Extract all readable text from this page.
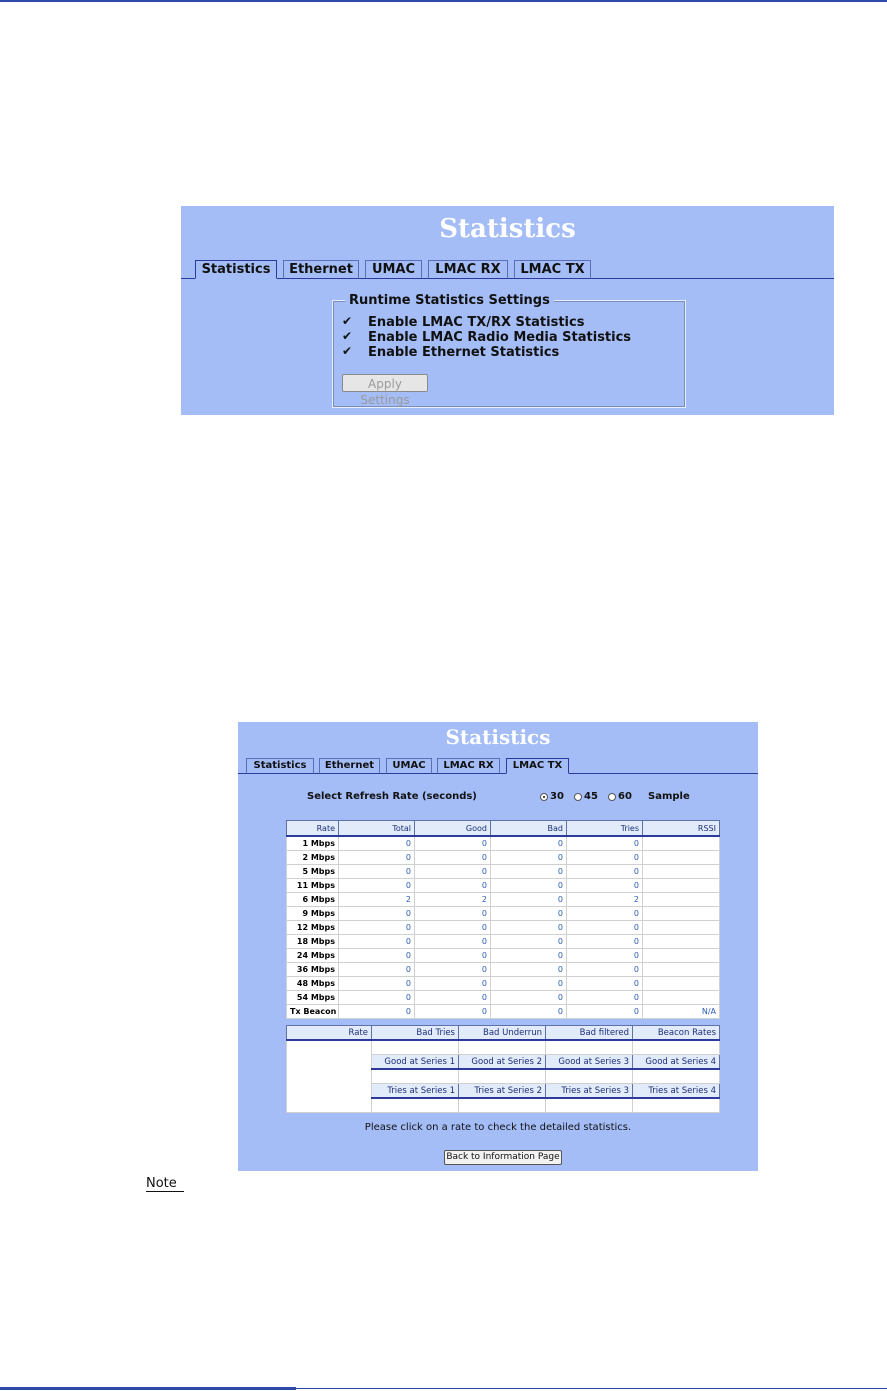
Statistics
Statistics	Ethernet	UMAC	LMAC RX	LMAC TX
Runtime Statistics Settings
✔ Enable LMAC TX/RX Statistics
✔ Enable LMAC Radio Media Statistics
✔ Enable Ethernet Statistics
Apply Settings
Statistics
Statistics	Ethernet	UMAC	LMAC RX	LMAC TX
Select Refresh Rate (seconds)	30 45 60 Sample
Rate	Total	Good	Bad	Tries	RSSI
1 Mbps	0	0	0	0	
2 Mbps	0	0	0	0	
5 Mbps	0	0	0	0	
11 Mbps	0	0	0	0	
6 Mbps	2	2	0	2	
9 Mbps	0	0	0	0	
12 Mbps	0	0	0	0	
18 Mbps	0	0	0	0	
24 Mbps	0	0	0	0	
36 Mbps	0	0	0	0	
48 Mbps	0	0	0	0	
54 Mbps	0	0	0	0	
Tx Beacon	0	0	0	0	N/A
Rate	Bad Tries	Bad Underrun	Bad filtered	Beacon Rates

	Good at Series 1	Good at Series 2	Good at Series 3	Good at Series 4

	Tries at Series 1	Tries at Series 2	Tries at Series 3	Tries at Series 4

Please click on a rate to check the detailed statistics.
Back to Information Page
Note
